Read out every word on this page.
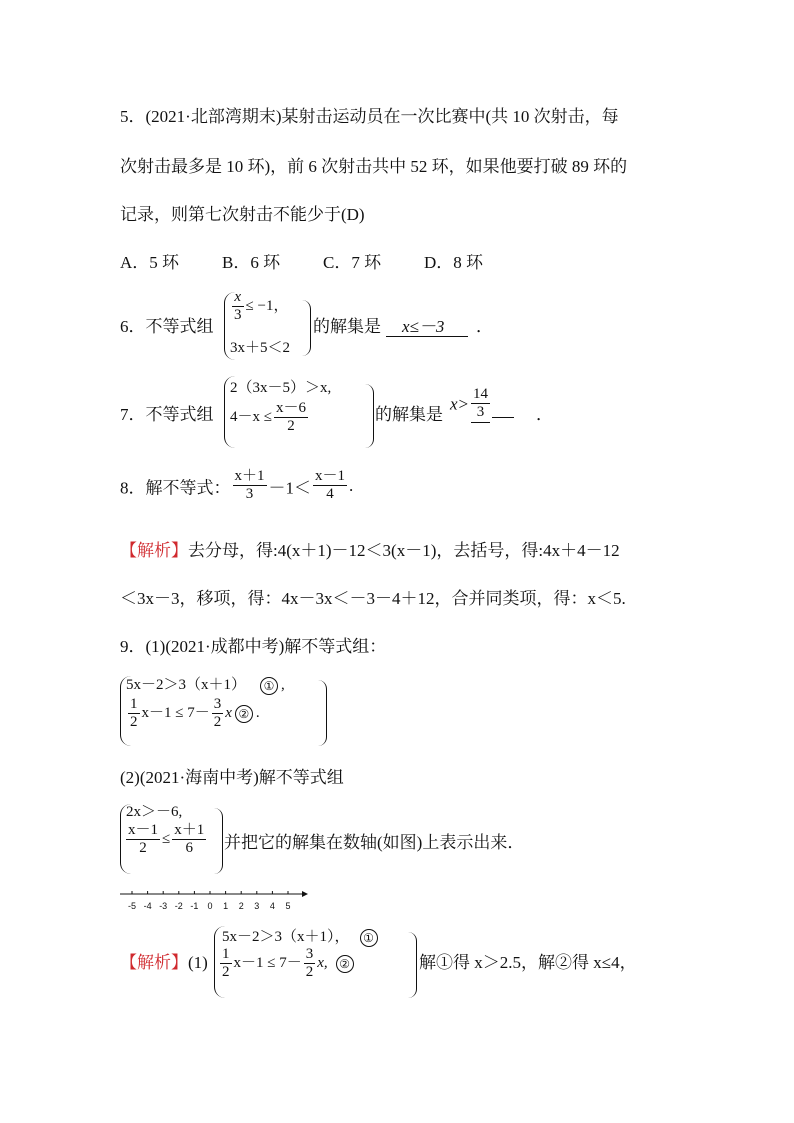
5．(2021·北部湾期末)某射击运动员在一次比赛中(共 10 次射击，每
次射击最多是 10 环)，前 6 次射击共中 52 环，如果他要打破 89 环的
记录，则第七次射击不能少于(D)
A．5 环	B．6 环	C．7 环	D．8 环
6．不等式组
$\frac{x}{3} \le -1$，
3x＋5＜2
的解集是	x≤－3	．
7．不等式组
2（3x－5）＞x,
$4-x \le \frac{x-6}{2}$	的解集是
$x> \frac{14}{3}$	．
8．解不等式： $\frac{x+1}{3} -1< \frac{x-1}{4}$ .
【解析】去分母，得:4(x＋1)－12＜3(x－1)，去括号，得:4x＋4－12
＜3x－3，移项，得：4x－3x＜－3－4＋12，合并同类项，得：x＜5.
9．(1)(2021·成都中考)解不等式组：
5x－2＞3（x＋1） ① ,
$\frac{1}{2} x-1 \le 7- \frac{3}{2}$ x ② .
(2)(2021·海南中考)解不等式组
2x＞－6,
$\frac{x-1}{2} \le \frac{x+1}{6}$ 并把它的解集在数轴(如图)上表示出来．
-5 -4 -3 -2 -1 0 1 2 3 4 5
【解析】(1)
5x－2＞3（x＋1）， ①
$\frac{1}{2} x-1 \le 7- \frac{3}{2} x$, ②	解①得 x＞2.5，解②得 x≤4，
